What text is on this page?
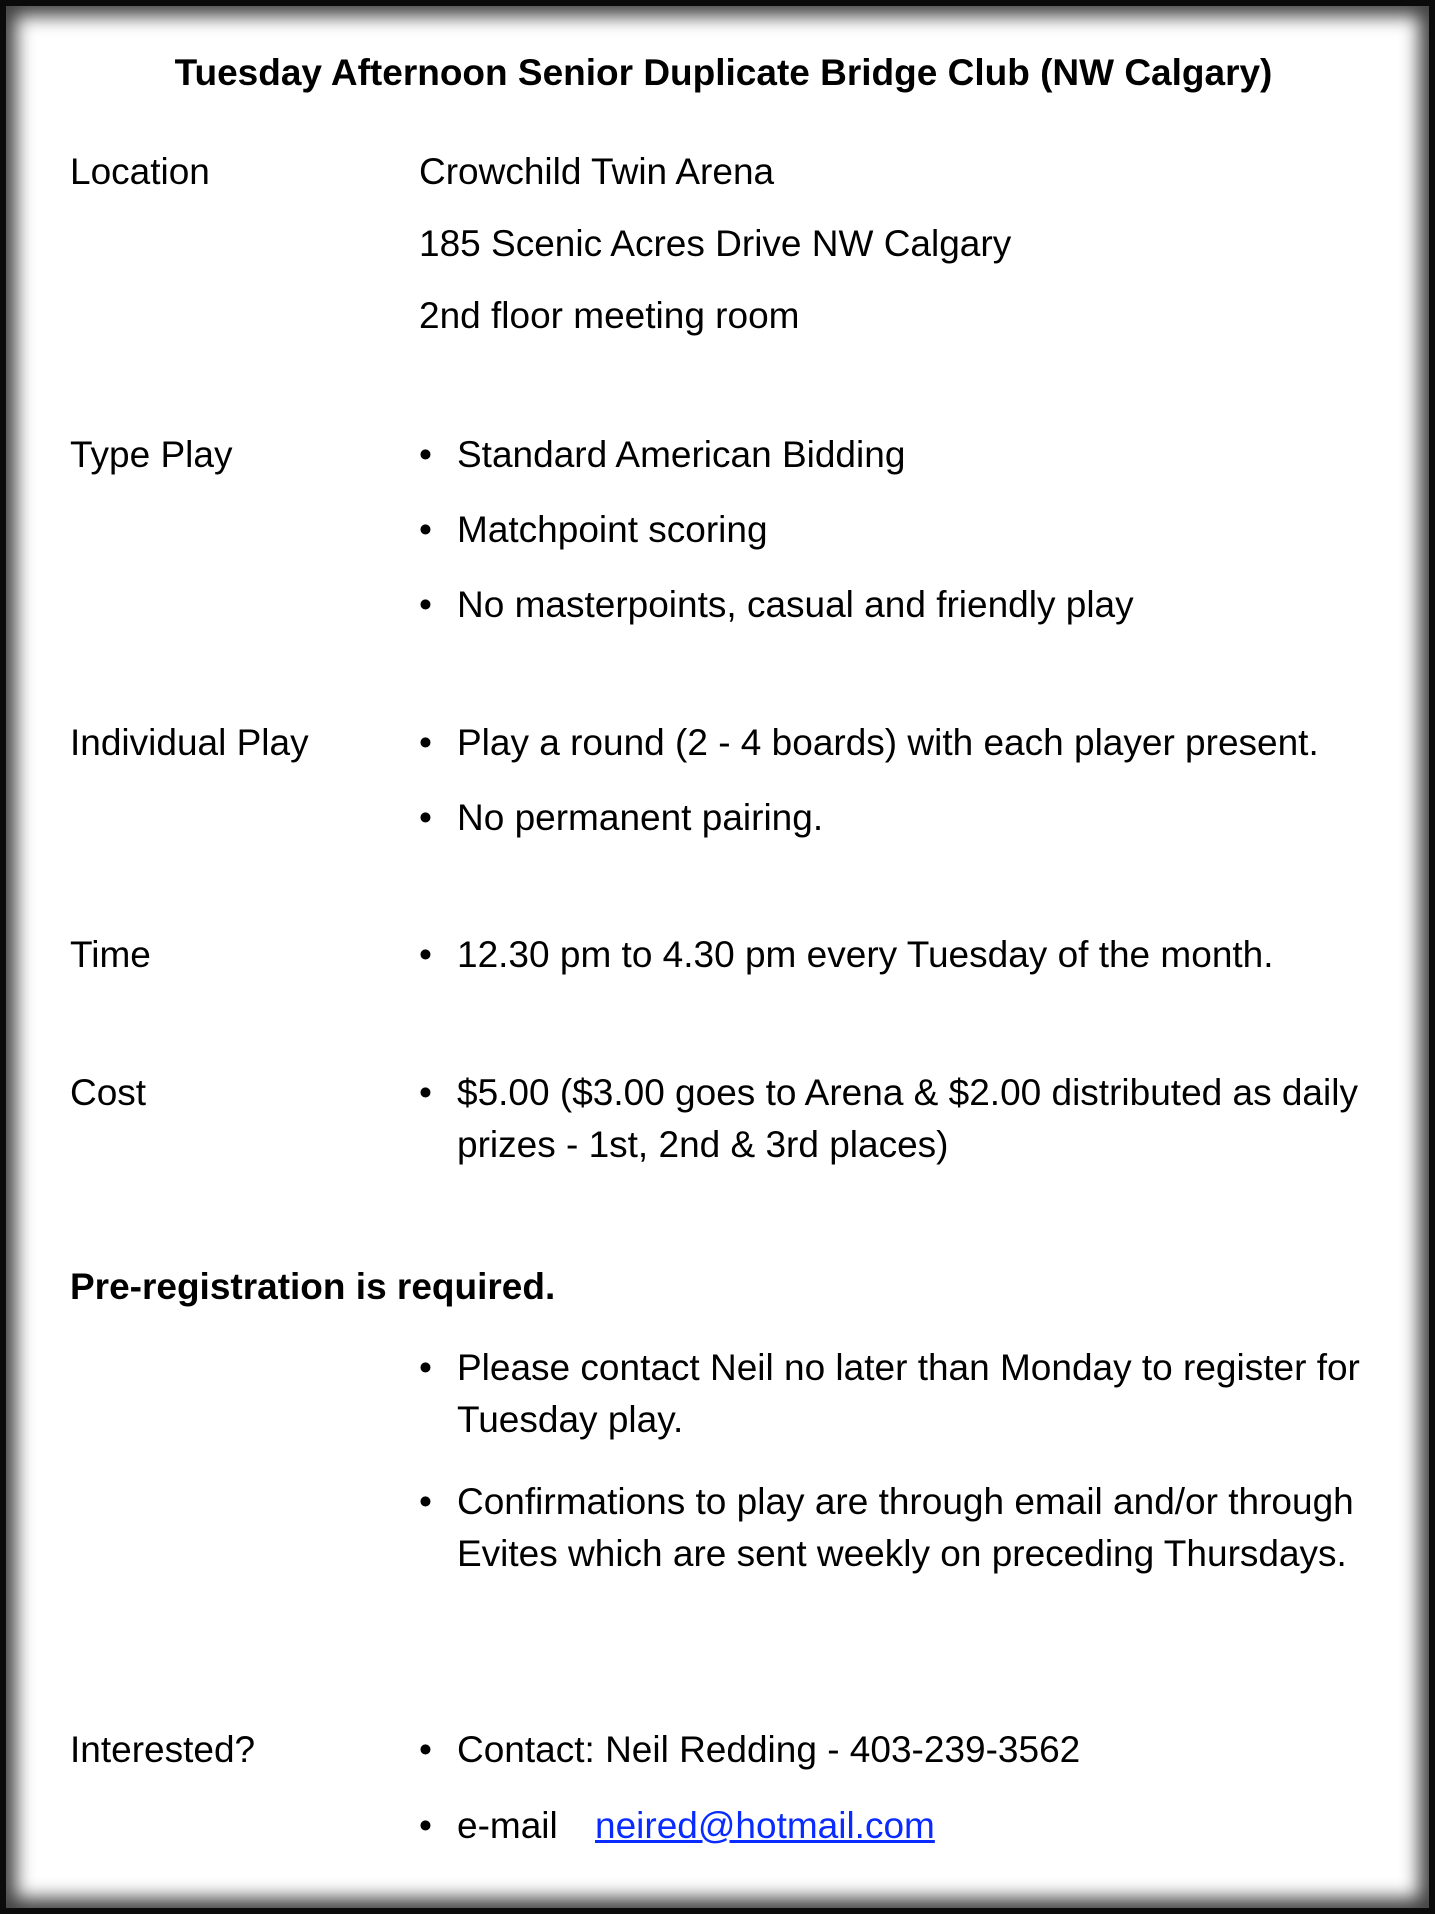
Tuesday Afternoon Senior Duplicate Bridge Club (NW Calgary)
Location	Crowchild Twin Arena
185 Scenic Acres Drive NW Calgary
2nd floor meeting room
Type Play	• Standard American Bidding
• Matchpoint scoring
• No masterpoints, casual and friendly play
Individual Play	• Play a round (2 - 4 boards) with each player present.
• No permanent pairing.
Time	• 12.30 pm to 4.30 pm every Tuesday of the month.
Cost	• $5.00 ($3.00 goes to Arena & $2.00 distributed as daily prizes - 1st, 2nd & 3rd places)
Pre-registration is required.
• Please contact Neil no later than Monday to register for Tuesday play.
• Confirmations to play are through email and/or through Evites which are sent weekly on preceding Thursdays.
Interested?	• Contact: Neil Redding - 403-239-3562
• e-mail neired@hotmail.com
